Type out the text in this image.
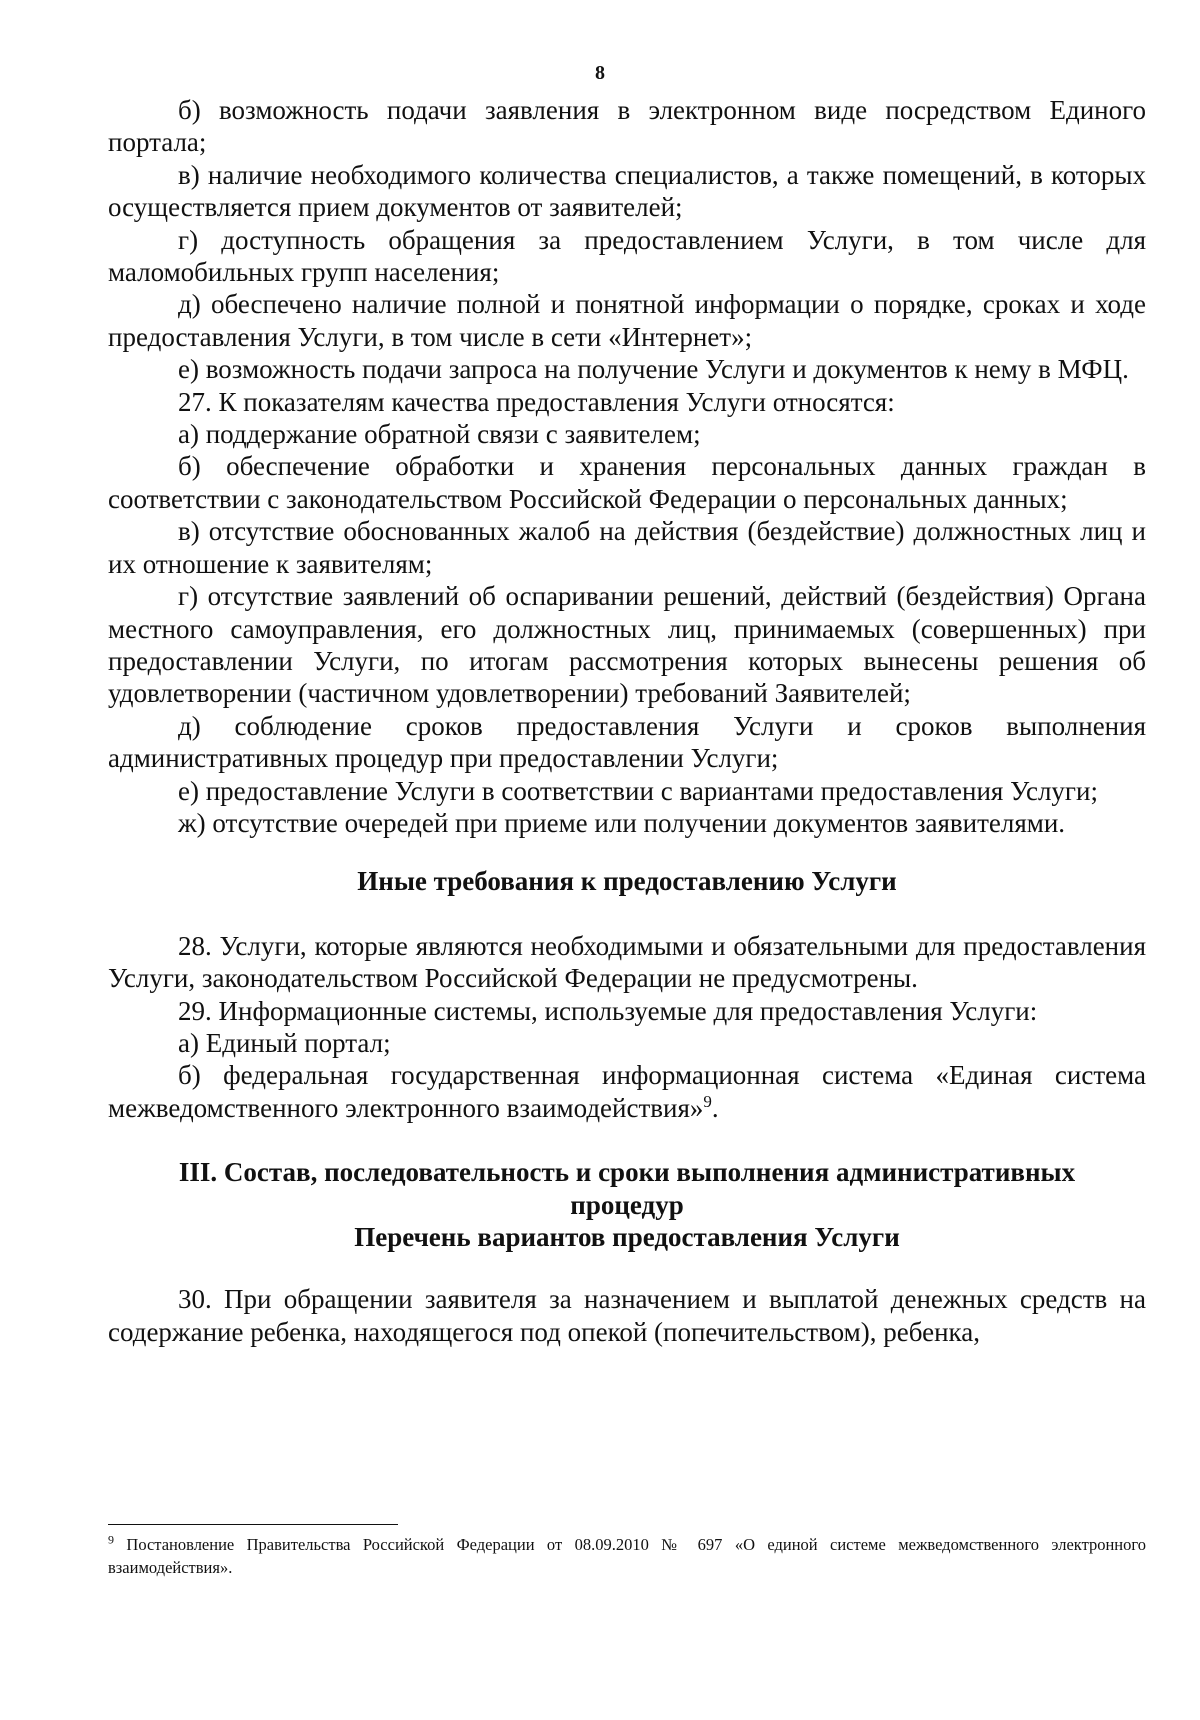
8

б) возможность подачи заявления в электронном виде посредством Единого портала;

в) наличие необходимого количества специалистов, а также помещений, в которых осуществляется прием документов от заявителей;

г) доступность обращения за предоставлением Услуги, в том числе для маломобильных групп населения;

д) обеспечено наличие полной и понятной информации о порядке, сроках и ходе предоставления Услуги, в том числе в сети «Интернет»;

е) возможность подачи запроса на получение Услуги и документов к нему в МФЦ.

27. К показателям качества предоставления Услуги относятся:

а) поддержание обратной связи с заявителем;

б) обеспечение обработки и хранения персональных данных граждан в соответствии с законодательством Российской Федерации о персональных данных;

в) отсутствие обоснованных жалоб на действия (бездействие) должностных лиц и их отношение к заявителям;

г) отсутствие заявлений об оспаривании решений, действий (бездействия) Органа местного самоуправления, его должностных лиц, принимаемых (совершенных) при предоставлении Услуги, по итогам рассмотрения которых вынесены решения об удовлетворении (частичном удовлетворении) требований Заявителей;

д) соблюдение сроков предоставления Услуги и сроков выполнения административных процедур при предоставлении Услуги;

е) предоставление Услуги в соответствии с вариантами предоставления Услуги;

ж) отсутствие очередей при приеме или получении документов заявителями.

Иные требования к предоставлению Услуги

28. Услуги, которые являются необходимыми и обязательными для предоставления Услуги, законодательством Российской Федерации не предусмотрены.

29. Информационные системы, используемые для предоставления Услуги:

а) Единый портал;

б) федеральная государственная информационная система «Единая система межведомственного электронного взаимодействия»$^9$.

III. Состав, последовательность и сроки выполнения административных процедур

Перечень вариантов предоставления Услуги

30. При обращении заявителя за назначением и выплатой денежных средств на содержание ребенка, находящегося под опекой (попечительством), ребенка,

$^9$ Постановление Правительства Российской Федерации от 08.09.2010 № 697 «О единой системе межведомственного электронного взаимодействия».
